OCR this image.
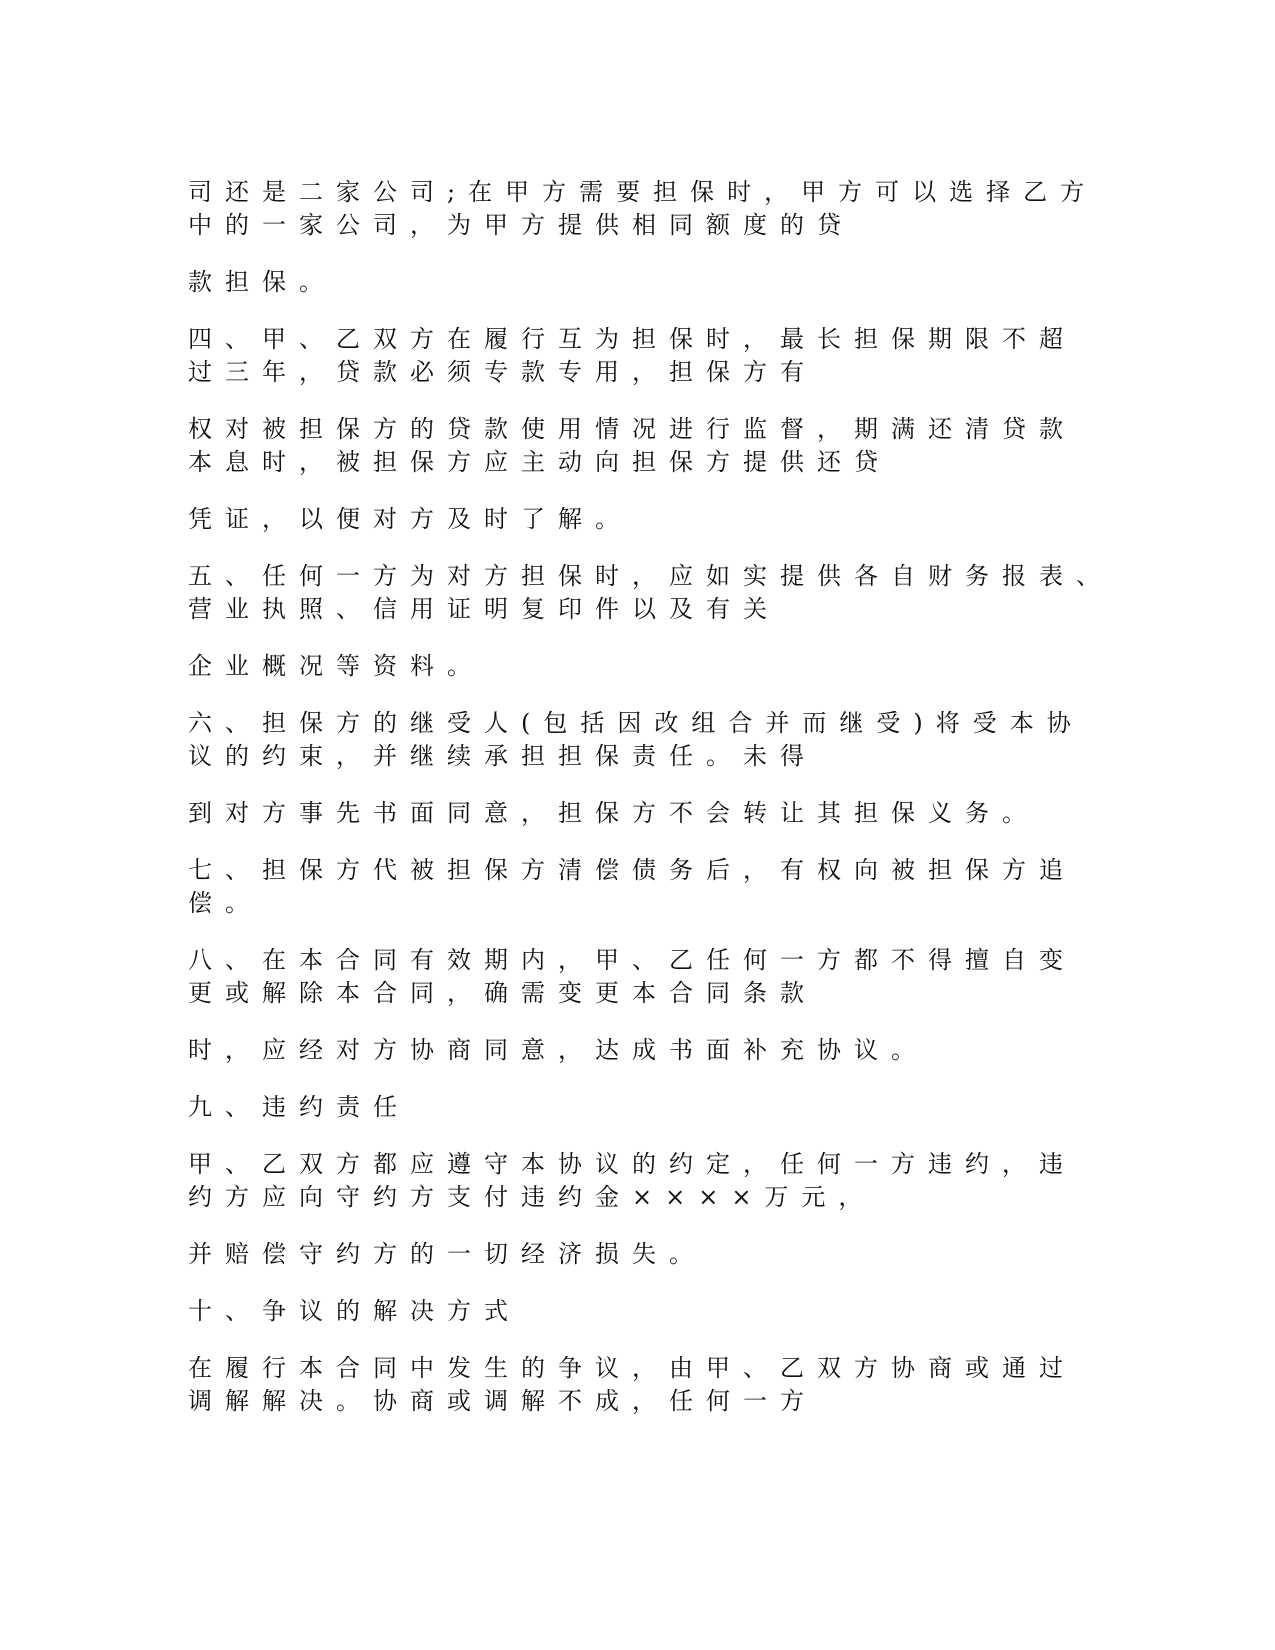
司还是二家公司;在甲方需要担保时，甲方可以选择乙方
中的一家公司，为甲方提供相同额度的贷

款担保。

四、甲、乙双方在履行互为担保时，最长担保期限不超
过三年，贷款必须专款专用，担保方有

权对被担保方的贷款使用情况进行监督，期满还清贷款
本息时，被担保方应主动向担保方提供还贷

凭证，以便对方及时了解。

五、任何一方为对方担保时，应如实提供各自财务报表、
营业执照、信用证明复印件以及有关

企业概况等资料。

六、担保方的继受人(包括因改组合并而继受)将受本协
议的约束，并继续承担担保责任。未得

到对方事先书面同意，担保方不会转让其担保义务。

七、担保方代被担保方清偿债务后，有权向被担保方追
偿。

八、在本合同有效期内，甲、乙任何一方都不得擅自变
更或解除本合同，确需变更本合同条款

时，应经对方协商同意，达成书面补充协议。

九、违约责任

甲、乙双方都应遵守本协议的约定，任何一方违约，违
约方应向守约方支付违约金××××万元，

并赔偿守约方的一切经济损失。

十、争议的解决方式

在履行本合同中发生的争议，由甲、乙双方协商或通过
调解解决。协商或调解不成，任何一方
